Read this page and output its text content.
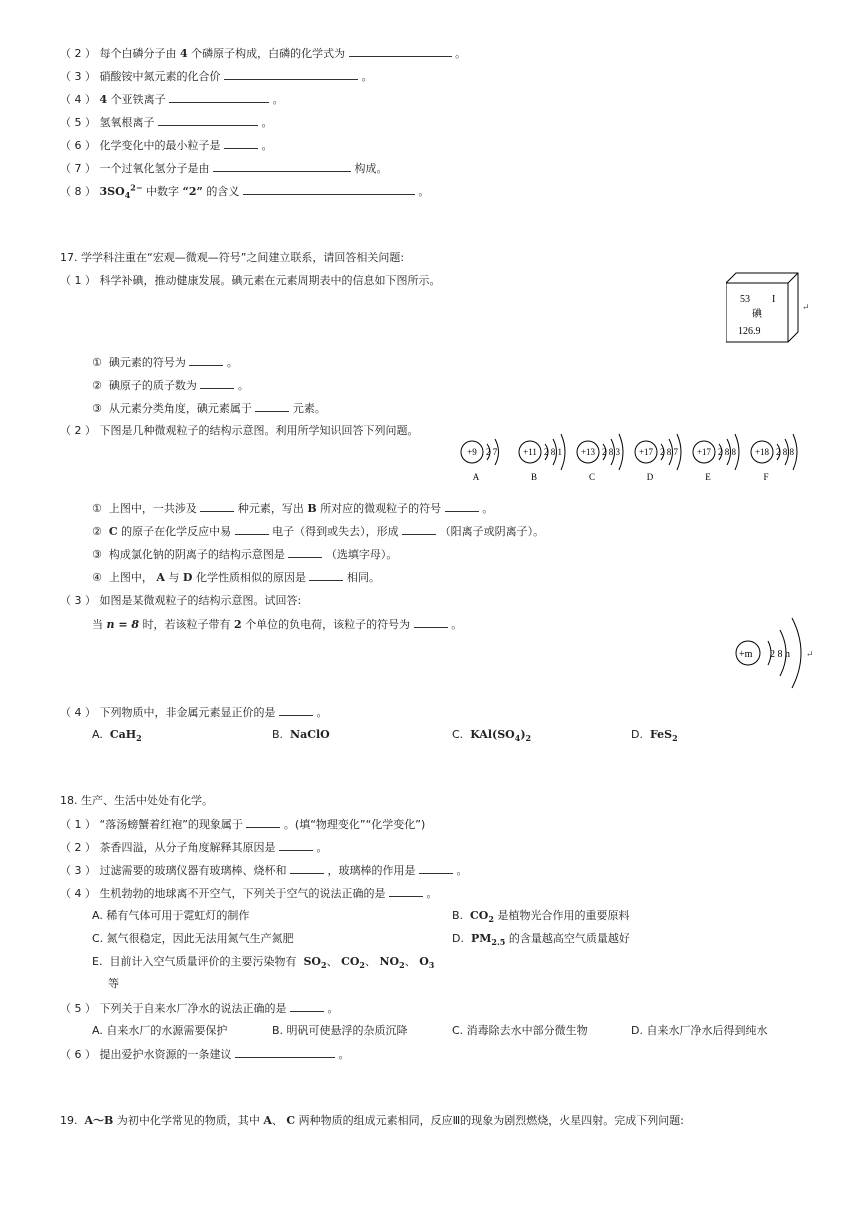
（ 2 ） 每个白磷分子由 4 个磷原子构成，白磷的化学式为	。
（ 3 ） 硝酸铵中氮元素的化合价	。
（ 4 ） 4 个亚铁离子	。
（ 5 ） 氢氧根离子	。
（ 6 ） 化学变化中的最小粒子是	。
（ 7 ） 一个过氧化氢分子是由	构成。
（ 8 ） $3SO_4^{2-}$ 中数字 “2” 的含义	。
17. 学学科注重在“宏观—微观—符号”之间建立联系，请回答相关问题:
（ 1 ） 科学补碘，推动健康发展。碘元素在元素周期表中的信息如下图所示。
53 I
碘
126.9
↵
① 碘元素的符号为	。
② 碘原子的质子数为	。
③ 从元素分类角度，碘元素属于	元素。
（ 2 ） 下图是几种微观粒子的结构示意图。利用所学知识回答下列问题。
+9 2 7
A
+11 2 8 1
B
+13 2 8 3
C
+17 2 8 7
D
+17 2 8 8
E
+18 2 8 8
F
① 上图中，一共涉及	种元素，写出 B 所对应的微观粒子的符号	。
② C 的原子在化学反应中易	电子（得到或失去），形成	（阳离子或阴离子）。
③ 构成氯化钠的阴离子的结构示意图是	（选填字母）。
④ 上图中， A 与 D 化学性质相似的原因是	相同。
（ 3 ） 如图是某微观粒子的结构示意图。试回答:
当 n = 8 时，若该粒子带有 2 个单位的负电荷，该粒子的符号为	。
+m 2 8 n ↵
（ 4 ） 下列物质中，非金属元素显正价的是	。
A. CaH$_2$	B. NaClO	C. $KAl(SO_4)_2$	D. FeS$_2$
18. 生产、生活中处处有化学。
（ 1 ） “落汤螃蟹着红袍”的现象属于	。(填“物理变化”“化学变化”)
（ 2 ） 茶香四溢，从分子角度解释其原因是	。
（ 3 ） 过滤需要的玻璃仪器有玻璃棒、烧杯和	，玻璃棒的作用是	。
（ 4 ） 生机勃勃的地球离不开空气，下列关于空气的说法正确的是	。
A. 稀有气体可用于霓虹灯的制作	B. $CO_2$ 是植物光合作用的重要原料
C. 氮气很稳定，因此无法用氮气生产氮肥	D. $PM_{2.5}$ 的含量越高空气质量越好
E. 目前计入空气质量评价的主要污染物有 $SO_2$、 $CO_2$、 $NO_2$、 $O_3$
等
（ 5 ） 下列关于自来水厂净水的说法正确的是	。
A. 自来水厂的水源需要保护	B. 明矾可使悬浮的杂质沉降	C. 消毒除去水中部分微生物	D. 自来水厂净水后得到纯水
（ 6 ） 提出爱护水资源的一条建议	。
19. A～B 为初中化学常见的物质，其中 A、 C 两种物质的组成元素相同，反应Ⅲ的现象为剧烈燃烧，火星四射。完成下列问题:
